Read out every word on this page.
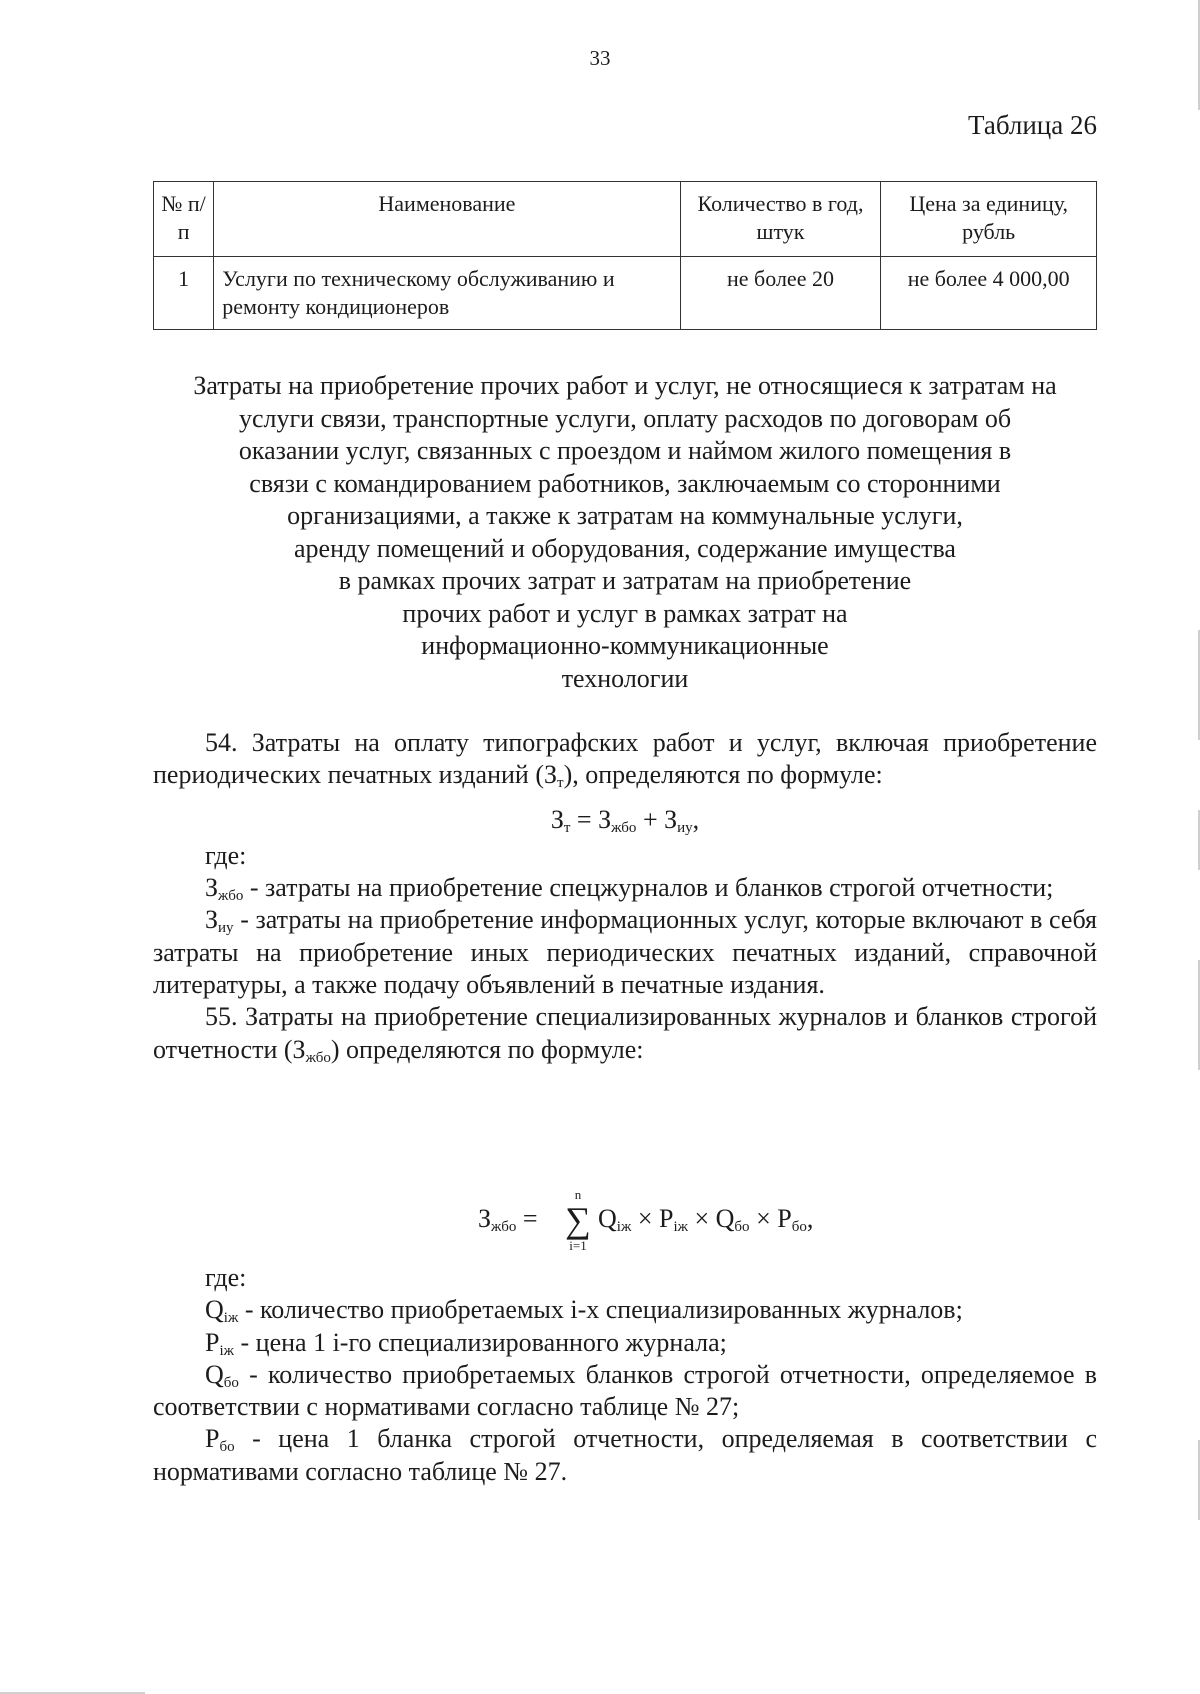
33
Таблица 26
№ п/п	Наименование	Количество в год, штук	Цена за единицу, рубль
1	Услуги по техническому обслуживанию и ремонту кондиционеров	не более 20	не более 4 000,00
Затраты на приобретение прочих работ и услуг, не относящиеся к затратам на
услуги связи, транспортные услуги, оплату расходов по договорам об
оказании услуг, связанных с проездом и наймом жилого помещения в
связи с командированием работников, заключаемым со сторонними
организациями, а также к затратам на коммунальные услуги,
аренду помещений и оборудования, содержание имущества
в рамках прочих затрат и затратам на приобретение
прочих работ и услуг в рамках затрат на
информационно-коммуникационные
технологии

54. Затраты на оплату типографских работ и услуг, включая приобретение периодических печатных изданий $(З_т)$, определяются по формуле:

$З_т = З_{жбо} + З_{иу}$,

где:

$З_{жбо}$ - затраты на приобретение спецжурналов и бланков строгой отчетности;

$З_{иу}$ - затраты на приобретение информационных услуг, которые включают в себя затраты на приобретение иных периодических печатных изданий, справочной литературы, а также подачу объявлений в печатные издания.

55. Затраты на приобретение специализированных журналов и бланков строгой отчетности $(З_{жбо})$ определяются по формуле:

$З_{жбо}$ =
n
∑
i=1
$Q_{iж} \times P_{iж} \times Q_{бо} \times P_{бо}$,

где:

$Q_{iж}$ - количество приобретаемых i-х специализированных журналов;

$P_{iж}$ - цена 1 i-го специализированного журнала;

$Q_{бо}$ - количество приобретаемых бланков строгой отчетности, определяемое в соответствии с нормативами согласно таблице № 27;

$P_{бо}$ - цена 1 бланка строгой отчетности, определяемая в соответствии с нормативами согласно таблице № 27.
